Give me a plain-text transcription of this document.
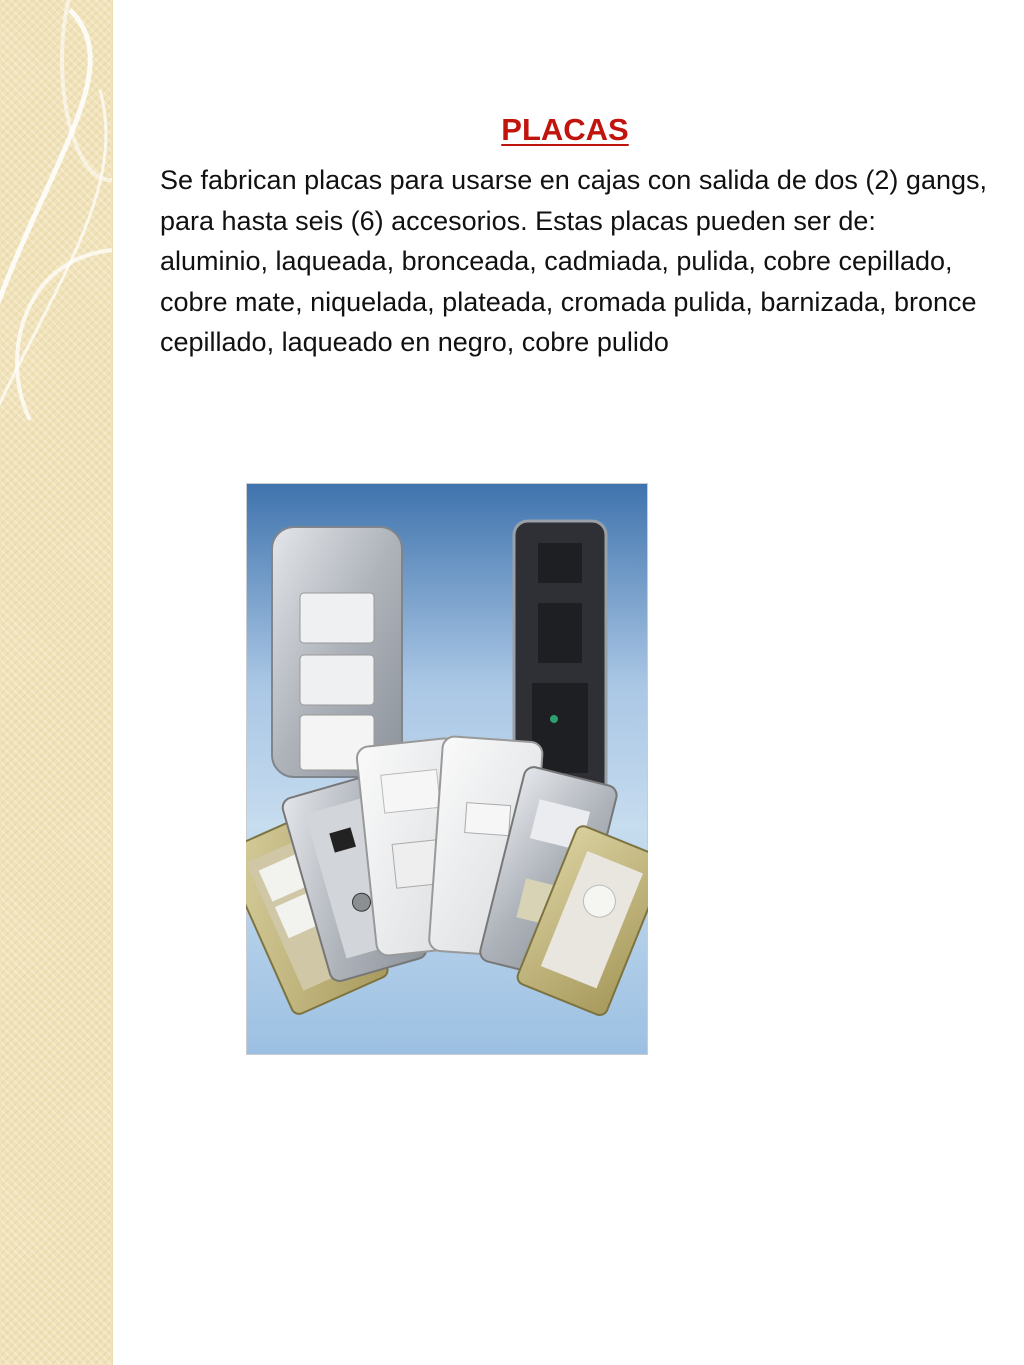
PLACAS

Se fabrican placas para usarse en cajas con salida de dos (2) gangs, para hasta seis (6) accesorios. Estas placas pueden ser de: aluminio, laqueada, bronceada, cadmiada, pulida, cobre cepillado, cobre mate, niquelada, plateada, cromada pulida, barnizada, bronce cepillado, laqueado en negro, cobre pulido
